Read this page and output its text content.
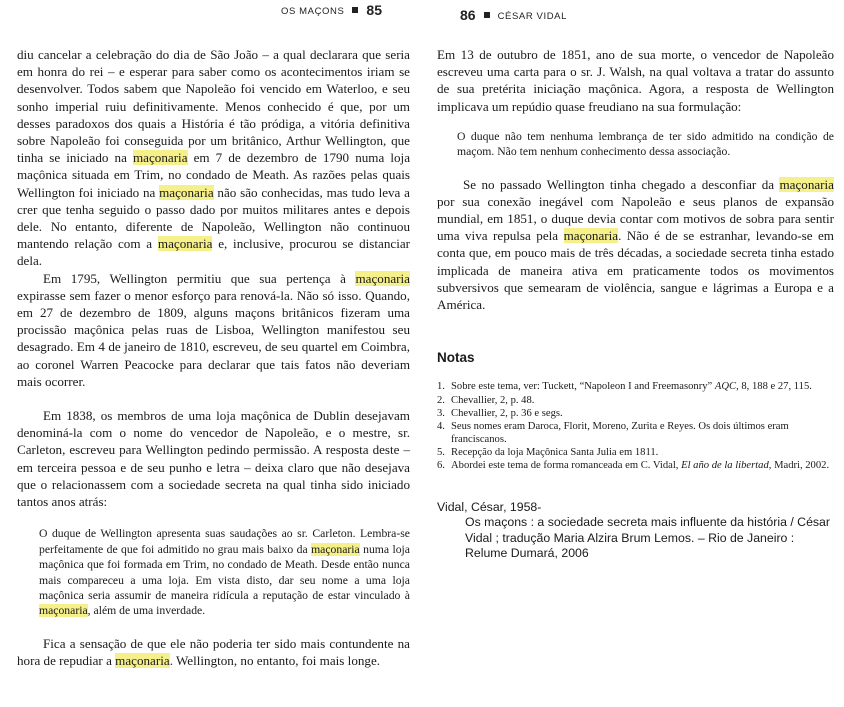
OS MAÇONS 85

diu cancelar a celebração do dia de São João – a qual declarara que seria em honra do rei – e esperar para saber como os acontecimentos iriam se desenvolver. Todos sabem que Napoleão foi vencido em Waterloo, e seu sonho imperial ruiu definitivamente. Menos conhecido é que, por um desses paradoxos dos quais a História é tão pródiga, a vitória definitiva sobre Napoleão foi conseguida por um britânico, Arthur Wellington, que tinha se iniciado na maçonaria em 7 de dezembro de 1790 numa loja maçônica situada em Trim, no condado de Meath. As razões pelas quais Wellington foi iniciado na maçonaria não são conhecidas, mas tudo leva a crer que tenha seguido o passo dado por muitos militares antes e depois dele. No entanto, diferente de Napoleão, Wellington não continuou mantendo relação com a maçonaria e, inclusive, procurou se distanciar dela.

Em 1795, Wellington permitiu que sua pertença à maçonaria expirasse sem fazer o menor esforço para renová-la. Não só isso. Quando, em 27 de dezembro de 1809, alguns maçons britânicos fizeram uma procissão maçônica pelas ruas de Lisboa, Wellington manifestou seu desagrado. Em 4 de janeiro de 1810, escreveu, de seu quartel em Coimbra, ao coronel Warren Peacocke para declarar que tais fatos não deveriam mais ocorrer.

Em 1838, os membros de uma loja maçônica de Dublin desejavam denominá-la com o nome do vencedor de Napoleão, e o mestre, sr. Carleton, escreveu para Wellington pedindo permissão. A resposta deste – em terceira pessoa e de seu punho e letra – deixa claro que não desejava que o relacionassem com a sociedade secreta na qual tinha sido iniciado tantos anos atrás:

O duque de Wellington apresenta suas saudações ao sr. Carleton. Lembra-se perfeitamente de que foi admitido no grau mais baixo da maçonaria numa loja maçônica que foi formada em Trim, no condado de Meath. Desde então nunca mais compareceu a uma loja. Em vista disto, dar seu nome a uma loja maçônica seria assumir de maneira ridícula a reputação de estar vinculado à maçonaria, além de uma inverdade.

Fica a sensação de que ele não poderia ter sido mais contundente na hora de repudiar a maçonaria. Wellington, no entanto, foi mais longe.

86 CÉSAR VIDAL

Em 13 de outubro de 1851, ano de sua morte, o vencedor de Napoleão escreveu uma carta para o sr. J. Walsh, na qual voltava a tratar do assunto de sua pretérita iniciação maçônica. Agora, a resposta de Wellington implicava um repúdio quase freudiano na sua formulação:

O duque não tem nenhuma lembrança de ter sido admitido na condição de maçom. Não tem nenhum conhecimento dessa associação.

Se no passado Wellington tinha chegado a desconfiar da maçonaria por sua conexão inegável com Napoleão e seus planos de expansão mundial, em 1851, o duque devia contar com motivos de sobra para sentir uma viva repulsa pela maçonaria. Não é de se estranhar, levando-se em conta que, em pouco mais de três décadas, a sociedade secreta tinha estado implicada de maneira ativa em praticamente todos os movimentos subversivos que semearam de violência, sangue e lágrimas a Europa e a América.

Notas

1. Sobre este tema, ver: Tuckett, “Napoleon I and Freemasonry” AQC, 8, 188 e 27, 115.
2. Chevallier, 2, p. 48.
3. Chevallier, 2, p. 36 e segs.
4. Seus nomes eram Daroca, Florit, Moreno, Zurita e Reyes. Os dois últimos eram franciscanos.
5. Recepção da loja Maçônica Santa Julia em 1811.
6. Abordei este tema de forma romanceada em C. Vidal, El año de la libertad, Madri, 2002.
Vidal, César, 1958-
Os maçons : a sociedade secreta mais influente da história / César Vidal ; tradução Maria Alzira Brum Lemos. – Rio de Janeiro : Relume Dumará, 2006
